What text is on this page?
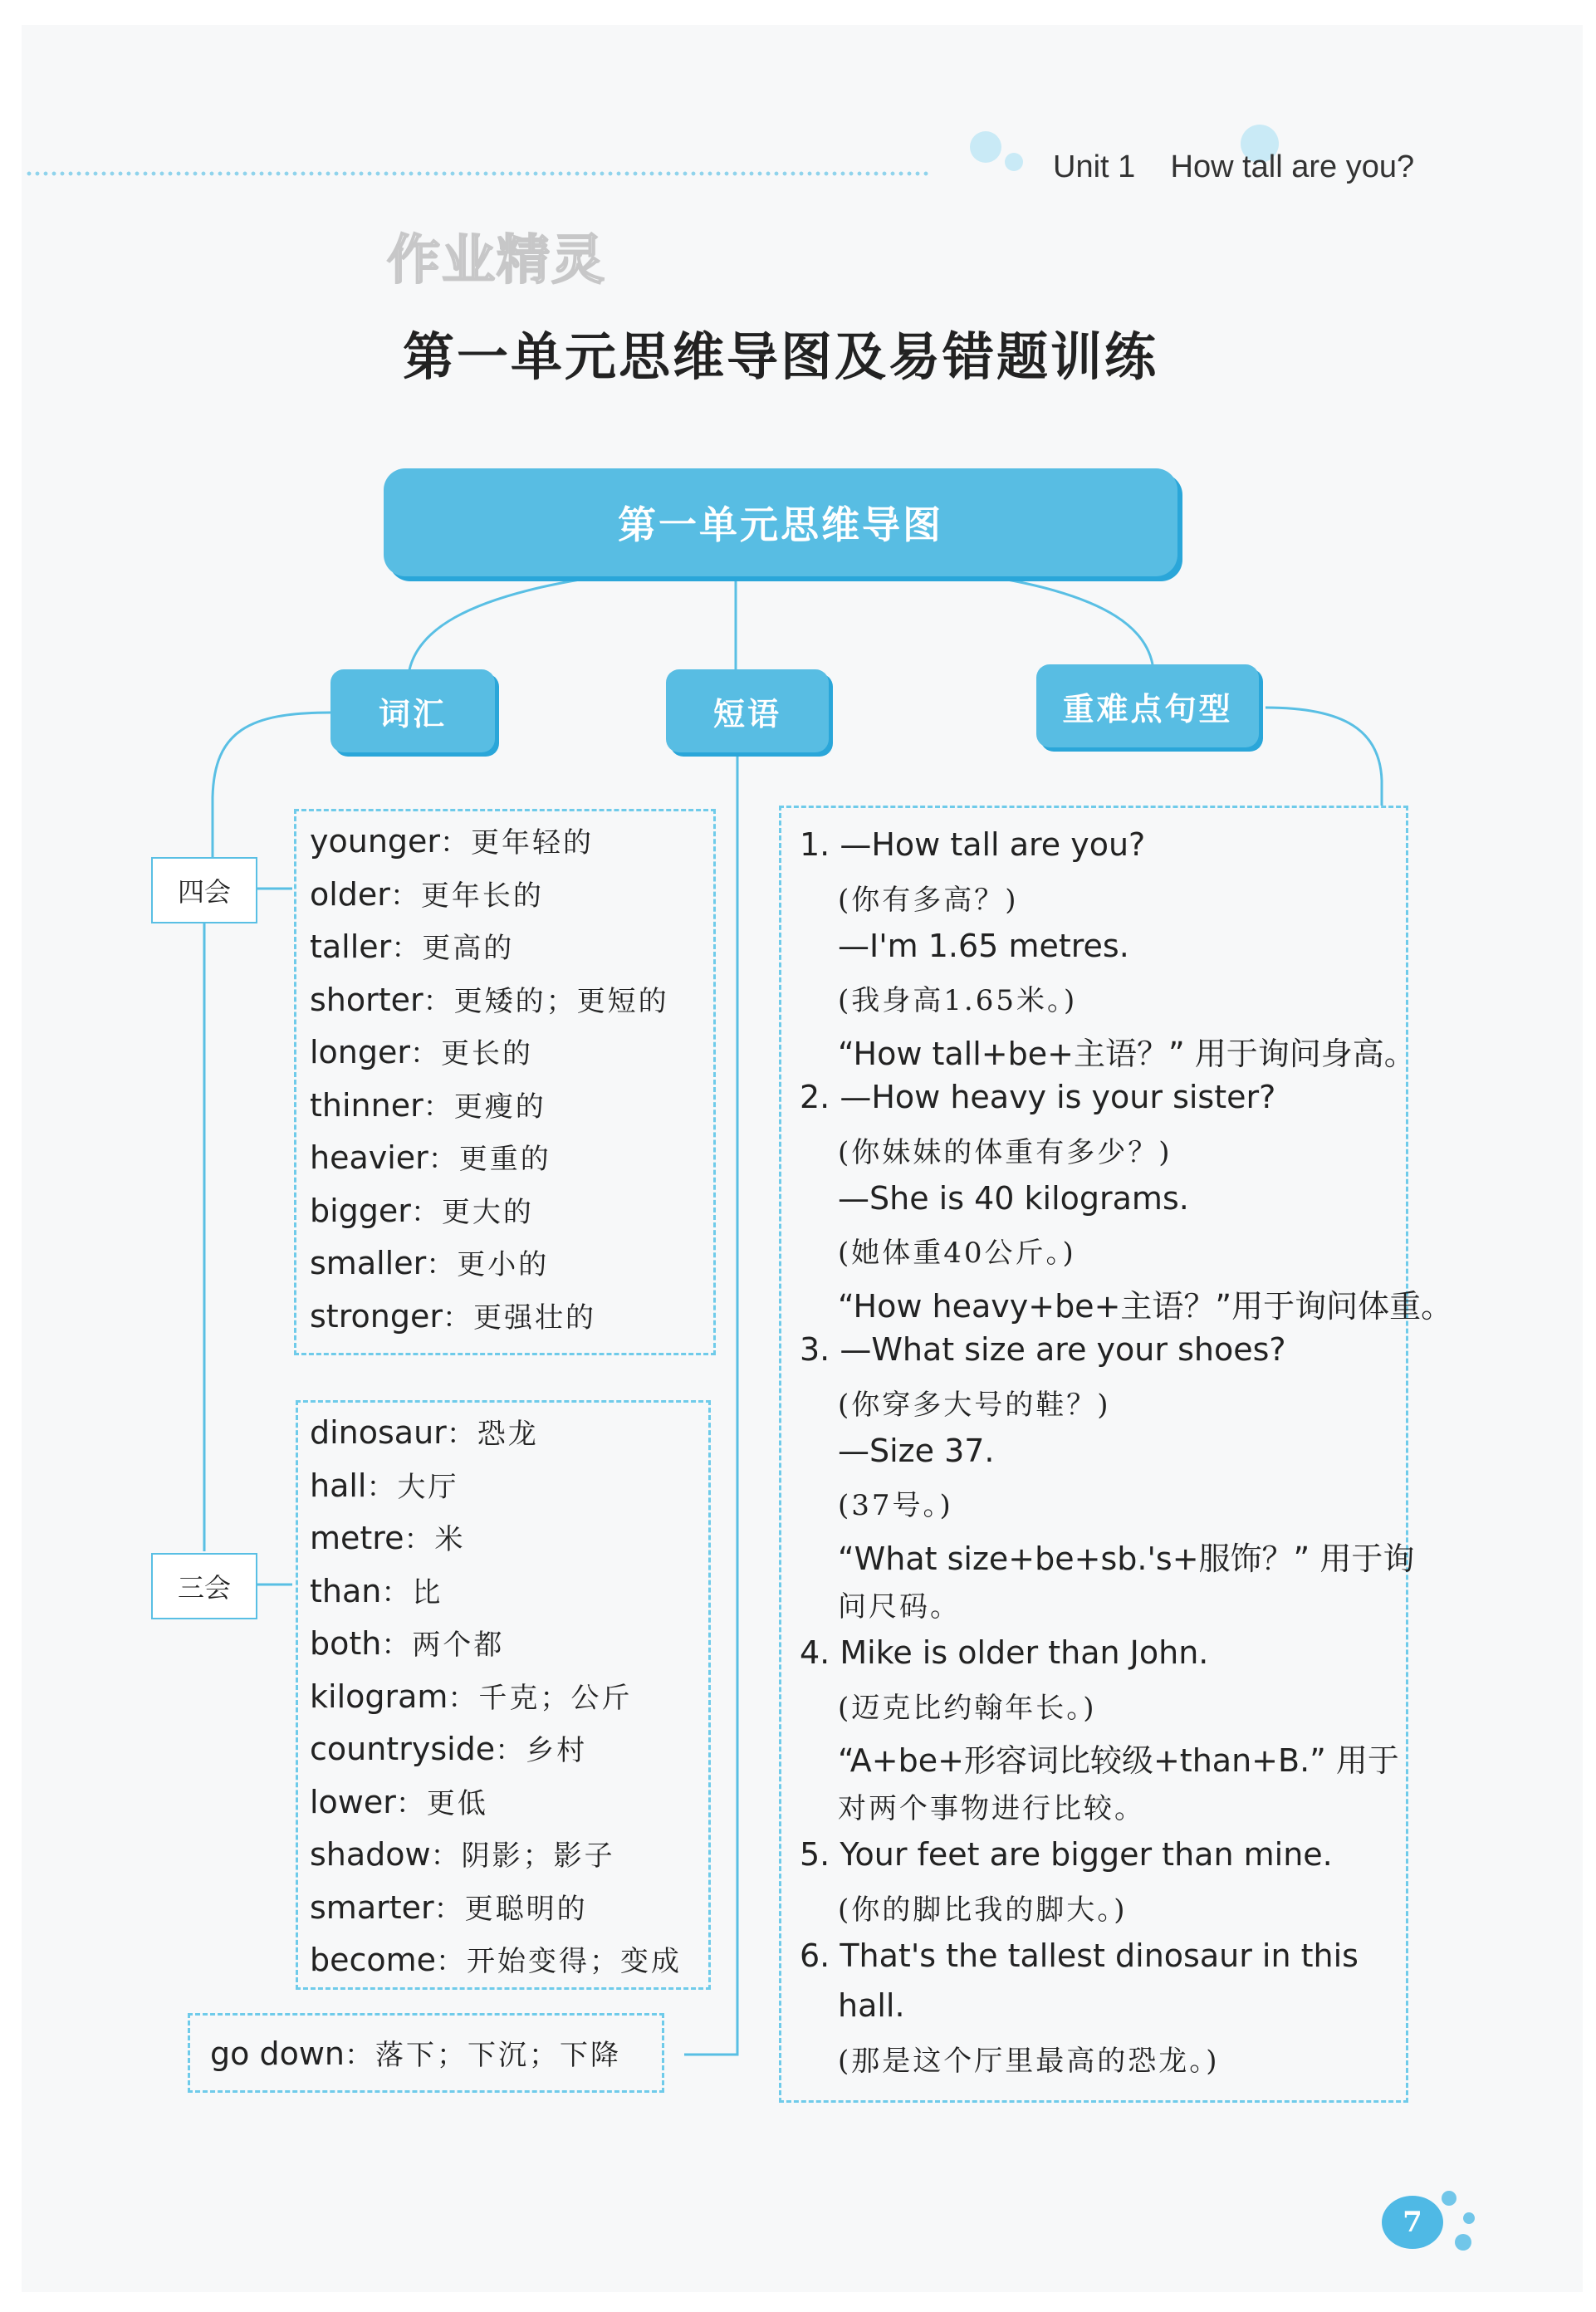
Unit 1 How tall are you?
作业精灵
第一单元思维导图及易错题训练
第一单元思维导图
词汇	短语	重难点句型
四会
三会
younger：更年轻的
older：更年长的
taller：更高的
shorter：更矮的；更短的
longer：更长的
thinner：更瘦的
heavier：更重的
bigger：更大的
smaller：更小的
stronger：更强壮的
dinosaur：恐龙
hall：大厅
metre：米
than：比
both：两个都
kilogram：千克；公斤
countryside：乡村
lower：更低
shadow：阴影；影子
smarter：更聪明的
become：开始变得；变成
go down：落下；下沉；下降
1. —How tall are you?
(你有多高？)
—I'm 1.65 metres.
(我身高1.65米。)
“How tall+be+主语？” 用于询问身高。
2. —How heavy is your sister?
(你妹妹的体重有多少？)
—She is 40 kilograms.
(她体重40公斤。)
“How heavy+be+主语？”用于询问体重。
3. —What size are your shoes?
(你穿多大号的鞋？)
—Size 37.
(37号。)
“What size+be+sb.'s+服饰？” 用于询
问尺码。
4. Mike is older than John.
(迈克比约翰年长。)
“A+be+形容词比较级+than+B.” 用于
对两个事物进行比较。
5. Your feet are bigger than mine.
(你的脚比我的脚大。)
6. That's the tallest dinosaur in this
hall.
(那是这个厅里最高的恐龙。)
7
